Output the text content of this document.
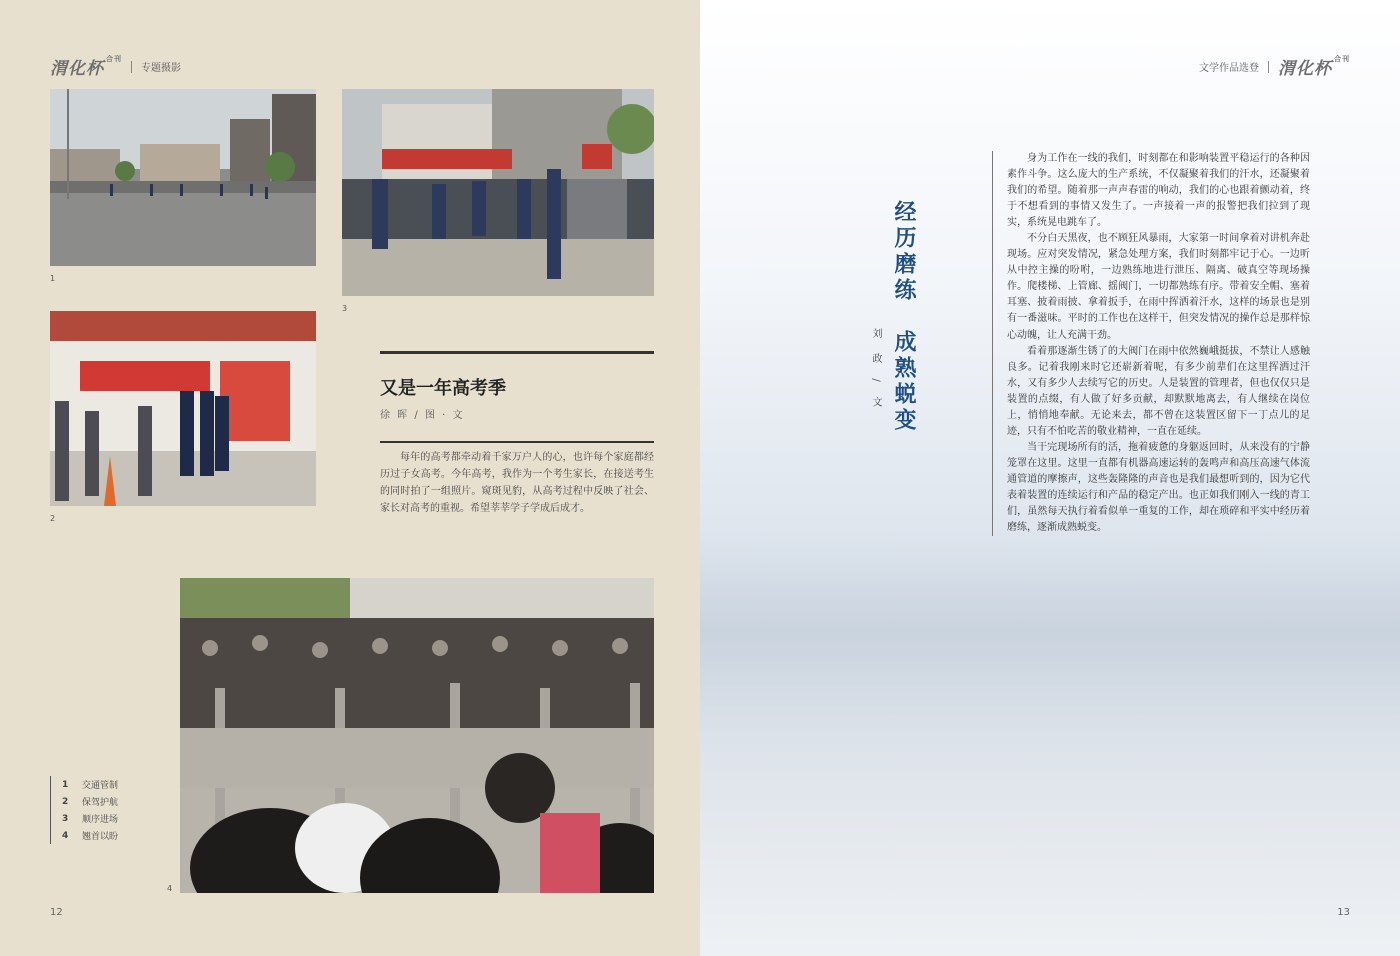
渭化杯$^{合刊}$
专题摄影
1
3
2
又是一年高考季
徐 晖 / 图 · 文
每年的高考都牵动着千家万户人的心，也许每个家庭都经历过子女高考。今年高考，我作为一个考生家长，在接送考生的同时拍了一组照片。窥斑见豹，从高考过程中反映了社会、家长对高考的重视。希望莘莘学子学成后成才。
4
1 交通管制
2 保驾护航
3 顺序进场
4 翘首以盼
12
文学作品选登 渭化杯$^{合刊}$
13
经历磨练　成熟蜕变
刘 政 / 文

身为工作在一线的我们，时刻都在和影响装置平稳运行的各种因素作斗争。这么庞大的生产系统，不仅凝聚着我们的汗水，还凝聚着我们的希望。随着那一声声春雷的响动，我们的心也跟着颤动着，终于不想看到的事情又发生了。一声接着一声的报警把我们拉到了现实，系统晃电跳车了。

不分白天黑夜，也不顾狂风暴雨，大家第一时间拿着对讲机奔赴现场。应对突发情况，紧急处理方案，我们时刻都牢记于心。一边听从中控主操的吩咐，一边熟练地进行泄压、隔离、破真空等现场操作。爬楼梯、上管廊、摇阀门，一切都熟练有序。带着安全帽、塞着耳塞、披着雨披、拿着扳手，在雨中挥洒着汗水，这样的场景也是别有一番滋味。平时的工作也在这样干，但突发情况的操作总是那样惊心动魄，让人充满干劲。

看着那逐渐生锈了的大阀门在雨中依然巍峨挺拔，不禁让人感触良多。记着我刚来时它还崭新着呢，有多少前辈们在这里挥洒过汗水，又有多少人去续写它的历史。人是装置的管理者，但也仅仅只是装置的点缀，有人做了好多贡献，却默默地离去，有人继续在岗位上，悄悄地奉献。无论来去，都不曾在这装置区留下一丁点儿的足迹，只有不怕吃苦的敬业精神，一直在延续。

当干完现场所有的活，拖着疲惫的身躯返回时，从来没有的宁静笼罩在这里。这里一直都有机器高速运转的轰鸣声和高压高速气体流通管道的摩擦声，这些轰隆隆的声音也是我们最想听到的，因为它代表着装置的连续运行和产品的稳定产出。也正如我们刚入一线的青工们，虽然每天执行着看似单一重复的工作，却在琐碎和平实中经历着磨练，逐渐成熟蜕变。
